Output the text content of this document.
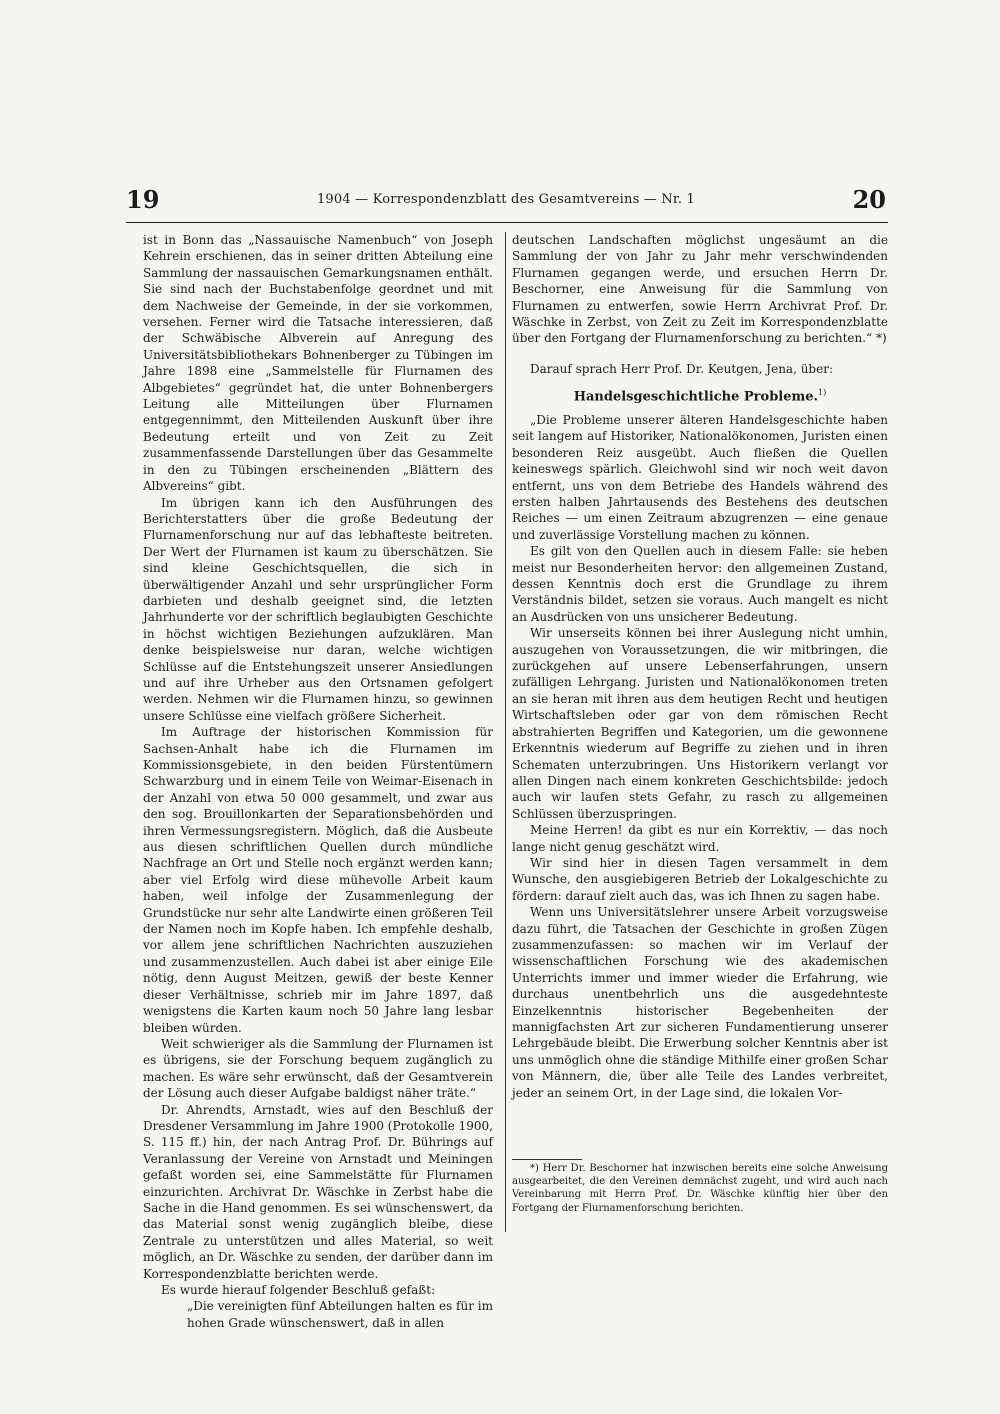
19	1904 — Korrespondenzblatt des Gesamtvereins — Nr. 1	20

ist in Bonn das „Nassauische Namenbuch“ von Joseph Kehrein erschienen, das in seiner dritten Abteilung eine Sammlung der nassauischen Gemarkungsnamen enthält. Sie sind nach der Buchstabenfolge geordnet und mit dem Nachweise der Gemeinde, in der sie vorkommen, versehen. Ferner wird die Tatsache interessieren, daß der Schwäbische Albverein auf Anregung des Universitätsbibliothekars Bohnenberger zu Tübingen im Jahre 1898 eine „Sammelstelle für Flurnamen des Albgebietes“ gegründet hat, die unter Bohnenbergers Leitung alle Mitteilungen über Flurnamen entgegennimmt, den Mitteilenden Auskunft über ihre Bedeutung erteilt und von Zeit zu Zeit zusammenfassende Darstellungen über das Gesammelte in den zu Tübingen erscheinenden „Blättern des Albvereins“ gibt.

Im übrigen kann ich den Ausführungen des Berichterstatters über die große Bedeutung der Flurnamenforschung nur auf das lebhafteste beitreten. Der Wert der Flurnamen ist kaum zu überschätzen. Sie sind kleine Geschichtsquellen, die sich in überwältigender Anzahl und sehr ursprünglicher Form darbieten und deshalb geeignet sind, die letzten Jahrhunderte vor der schriftlich beglaubigten Geschichte in höchst wichtigen Beziehungen aufzuklären. Man denke beispielsweise nur daran, welche wichtigen Schlüsse auf die Entstehungszeit unserer Ansiedlungen und auf ihre Urheber aus den Ortsnamen gefolgert werden. Nehmen wir die Flurnamen hinzu, so gewinnen unsere Schlüsse eine vielfach größere Sicherheit.

Im Auftrage der historischen Kommission für Sachsen-Anhalt habe ich die Flurnamen im Kommissionsgebiete, in den beiden Fürstentümern Schwarzburg und in einem Teile von Weimar-Eisenach in der Anzahl von etwa 50 000 gesammelt, und zwar aus den sog. Brouillonkarten der Separationsbehörden und ihren Vermessungsregistern. Möglich, daß die Ausbeute aus diesen schriftlichen Quellen durch mündliche Nachfrage an Ort und Stelle noch ergänzt werden kann; aber viel Erfolg wird diese mühevolle Arbeit kaum haben, weil infolge der Zusammenlegung der Grundstücke nur sehr alte Landwirte einen größeren Teil der Namen noch im Kopfe haben. Ich empfehle deshalb, vor allem jene schriftlichen Nachrichten auszuziehen und zusammenzustellen. Auch dabei ist aber einige Eile nötig, denn August Meitzen, gewiß der beste Kenner dieser Verhältnisse, schrieb mir im Jahre 1897, daß wenigstens die Karten kaum noch 50 Jahre lang lesbar bleiben würden.

Weit schwieriger als die Sammlung der Flurnamen ist es übrigens, sie der Forschung bequem zugänglich zu machen. Es wäre sehr erwünscht, daß der Gesamtverein der Lösung auch dieser Aufgabe baldigst näher träte.“

Dr. Ahrendts, Arnstadt, wies auf den Beschluß der Dresdener Versammlung im Jahre 1900 (Protokolle 1900, S. 115 ff.) hin, der nach Antrag Prof. Dr. Bührings auf Veranlassung der Vereine von Arnstadt und Meiningen gefaßt worden sei, eine Sammelstätte für Flurnamen einzurichten. Archivrat Dr. Wäschke in Zerbst habe die Sache in die Hand genommen. Es sei wünschenswert, da das Material sonst wenig zugänglich bleibe, diese Zentrale zu unterstützen und alles Material, so weit möglich, an Dr. Wäschke zu senden, der darüber dann im Korrespondenzblatte berichten werde.

Es wurde hierauf folgender Beschluß gefaßt:

„Die vereinigten fünf Abteilungen halten es für im hohen Grade wünschenswert, daß in allen

deutschen Landschaften möglichst ungesäumt an die Sammlung der von Jahr zu Jahr mehr verschwindenden Flurnamen gegangen werde, und ersuchen Herrn Dr. Beschorner, eine Anweisung für die Sammlung von Flurnamen zu entwerfen, sowie Herrn Archivrat Prof. Dr. Wäschke in Zerbst, von Zeit zu Zeit im Korrespondenzblatte über den Fortgang der Flurnamenforschung zu berichten.“ *)

Darauf sprach Herr Prof. Dr. Keutgen, Jena, über:

Handelsgeschichtliche Probleme.$^{1)}$

„Die Probleme unserer älteren Handelsgeschichte haben seit langem auf Historiker, Nationalökonomen, Juristen einen besonderen Reiz ausgeübt. Auch fließen die Quellen keineswegs spärlich. Gleichwohl sind wir noch weit davon entfernt, uns von dem Betriebe des Handels während des ersten halben Jahrtausends des Bestehens des deutschen Reiches — um einen Zeitraum abzugrenzen — eine genaue und zuverlässige Vorstellung machen zu können.

Es gilt von den Quellen auch in diesem Falle: sie heben meist nur Besonderheiten hervor: den allgemeinen Zustand, dessen Kenntnis doch erst die Grundlage zu ihrem Verständnis bildet, setzen sie voraus. Auch mangelt es nicht an Ausdrücken von uns unsicherer Bedeutung.

Wir unserseits können bei ihrer Auslegung nicht umhin, auszugehen von Voraussetzungen, die wir mitbringen, die zurückgehen auf unsere Lebenserfahrungen, unsern zufälligen Lehrgang. Juristen und Nationalökonomen treten an sie heran mit ihren aus dem heutigen Recht und heutigen Wirtschaftsleben oder gar von dem römischen Recht abstrahierten Begriffen und Kategorien, um die gewonnene Erkenntnis wiederum auf Begriffe zu ziehen und in ihren Schematen unterzubringen. Uns Historikern verlangt vor allen Dingen nach einem konkreten Geschichtsbilde: jedoch auch wir laufen stets Gefahr, zu rasch zu allgemeinen Schlüssen überzuspringen.

Meine Herren! da gibt es nur ein Korrektiv, — das noch lange nicht genug geschätzt wird.

Wir sind hier in diesen Tagen versammelt in dem Wunsche, den ausgiebigeren Betrieb der Lokalgeschichte zu fördern: darauf zielt auch das, was ich Ihnen zu sagen habe.

Wenn uns Universitätslehrer unsere Arbeit vorzugsweise dazu führt, die Tatsachen der Geschichte in großen Zügen zusammenzufassen: so machen wir im Verlauf der wissenschaftlichen Forschung wie des akademischen Unterrichts immer und immer wieder die Erfahrung, wie durchaus unentbehrlich uns die ausgedehnteste Einzelkenntnis historischer Begebenheiten der mannigfachsten Art zur sicheren Fundamentierung unserer Lehrgebäude bleibt. Die Erwerbung solcher Kenntnis aber ist uns unmöglich ohne die ständige Mithilfe einer großen Schar von Männern, die, über alle Teile des Landes verbreitet, jeder an seinem Ort, in der Lage sind, die lokalen Vor-

*) Herr Dr. Beschorner hat inzwischen bereits eine solche Anweisung ausgearbeitet, die den Vereinen demnächst zugeht, und wird auch nach Vereinbarung mit Herrn Prof. Dr. Wäschke künftig hier über den Fortgang der Flurnamenforschung berichten.
